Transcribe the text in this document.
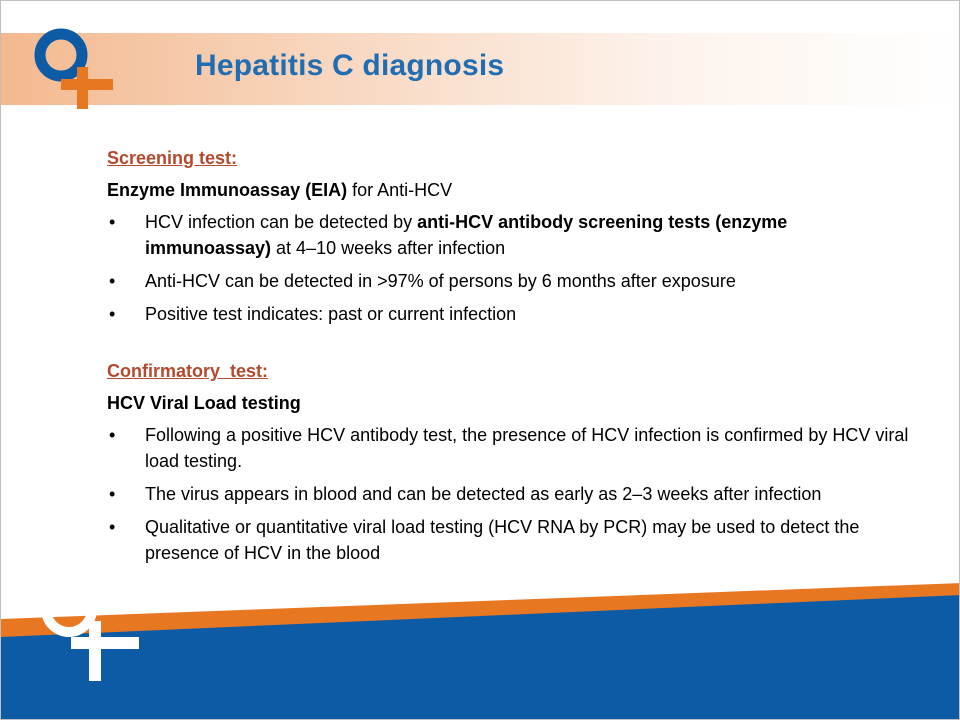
Hepatitis C diagnosis
Screening test:
Enzyme Immunoassay (EIA) for Anti-HCV
• HCV infection can be detected by anti-HCV antibody screening tests (enzyme immunoassay) at 4–10 weeks after infection
• Anti-HCV can be detected in >97% of persons by 6 months after exposure
• Positive test indicates: past or current infection
Confirmatory  test:
HCV Viral Load testing
• Following a positive HCV antibody test, the presence of HCV infection is confirmed by HCV viral load testing.
• The virus appears in blood and can be detected as early as 2–3 weeks after infection
• Qualitative or quantitative viral load testing (HCV RNA by PCR) may be used to detect the presence of HCV in the blood
